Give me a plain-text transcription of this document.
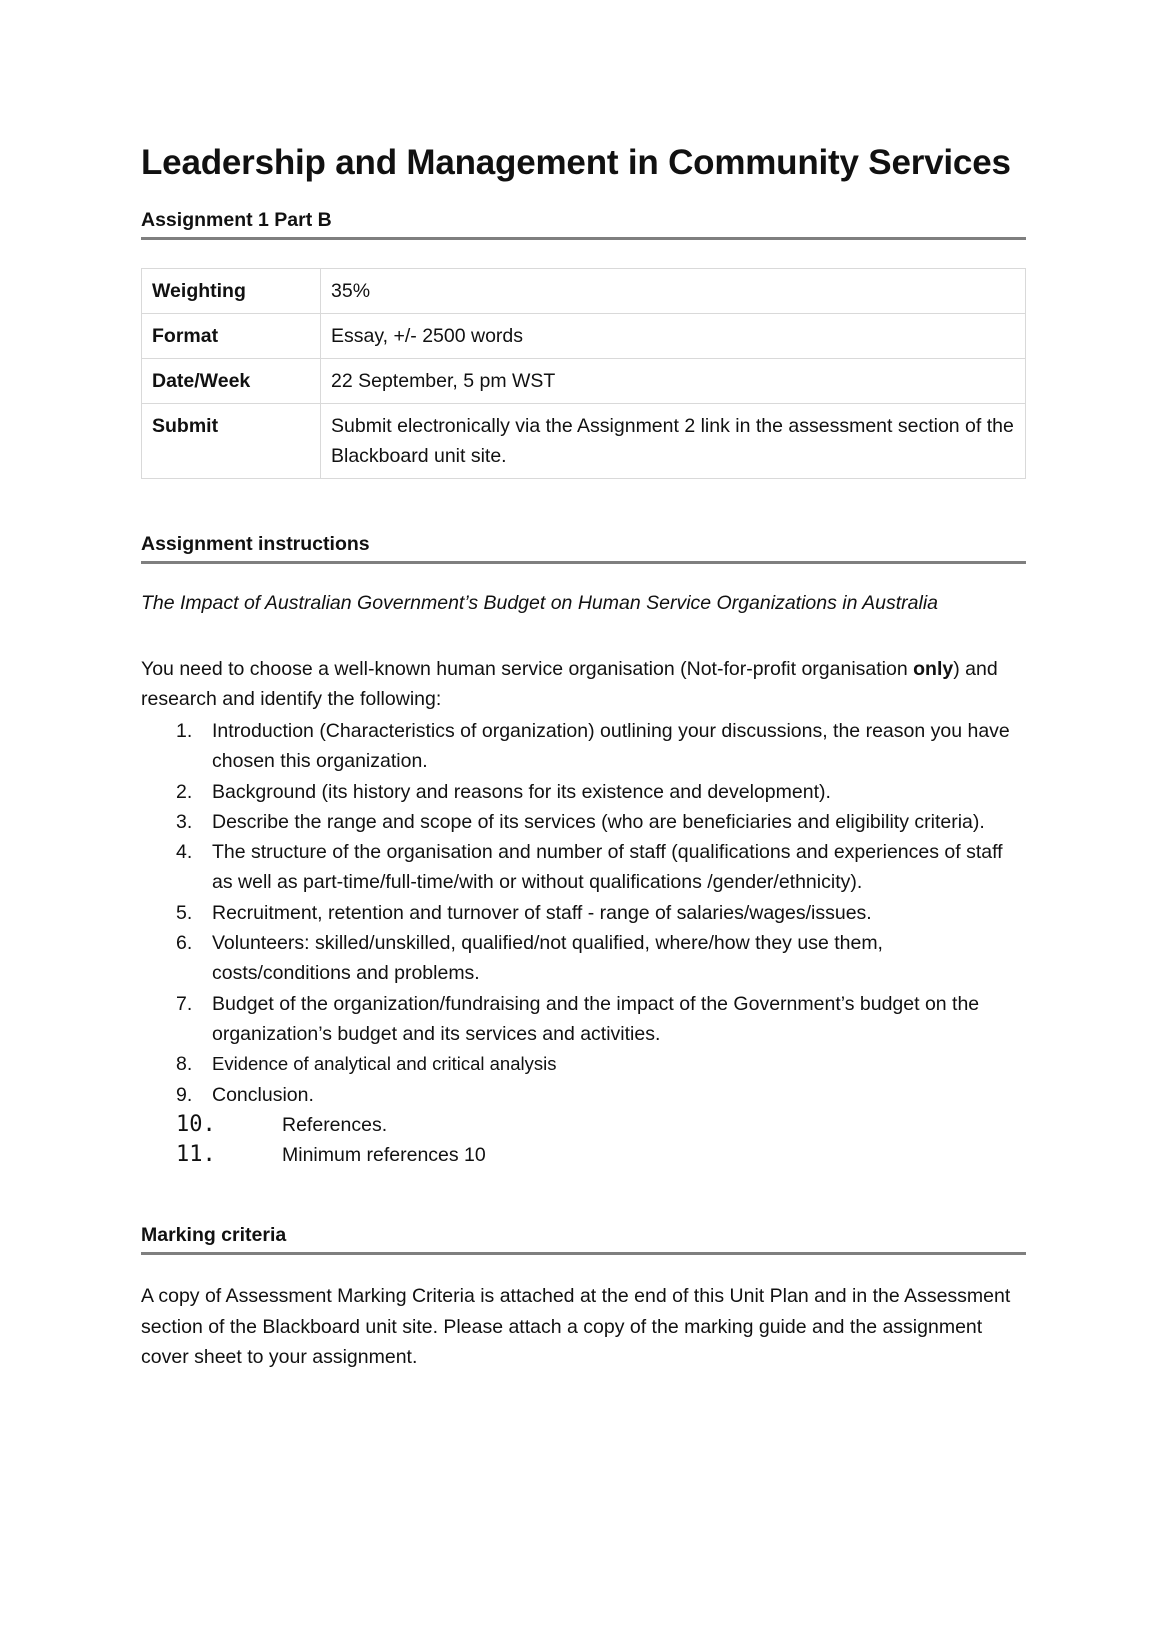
Leadership and Management in Community Services
Assignment 1 Part B
Weighting	35%
Format	Essay, +/- 2500 words
Date/Week	22 September, 5 pm WST
Submit	Submit electronically via the Assignment 2 link in the assessment section of the Blackboard unit site.
Assignment instructions
The Impact of Australian Government’s Budget on Human Service Organizations in Australia
You need to choose a well-known human service organisation (Not-for-profit organisation only) and research and identify the following:
1.	Introduction (Characteristics of organization) outlining your discussions, the reason you have chosen this organization.
2.	Background (its history and reasons for its existence and development).
3.	Describe the range and scope of its services (who are beneficiaries and eligibility criteria).
4.	The structure of the organisation and number of staff (qualifications and experiences of staff as well as part-time/full-time/with or without qualifications /gender/ethnicity).
5.	Recruitment, retention and turnover of staff - range of salaries/wages/issues.
6.	Volunteers: skilled/unskilled, qualified/not qualified, where/how they use them, costs/conditions and problems.
7.	Budget of the organization/fundraising and the impact of the Government’s budget on the organization’s budget and its services and activities.
8.	Evidence of analytical and critical analysis
9.	Conclusion.
10.	References.
11.	Minimum references 10
Marking criteria
A copy of Assessment Marking Criteria is attached at the end of this Unit Plan and in the Assessment section of the Blackboard unit site. Please attach a copy of the marking guide and the assignment cover sheet to your assignment.
